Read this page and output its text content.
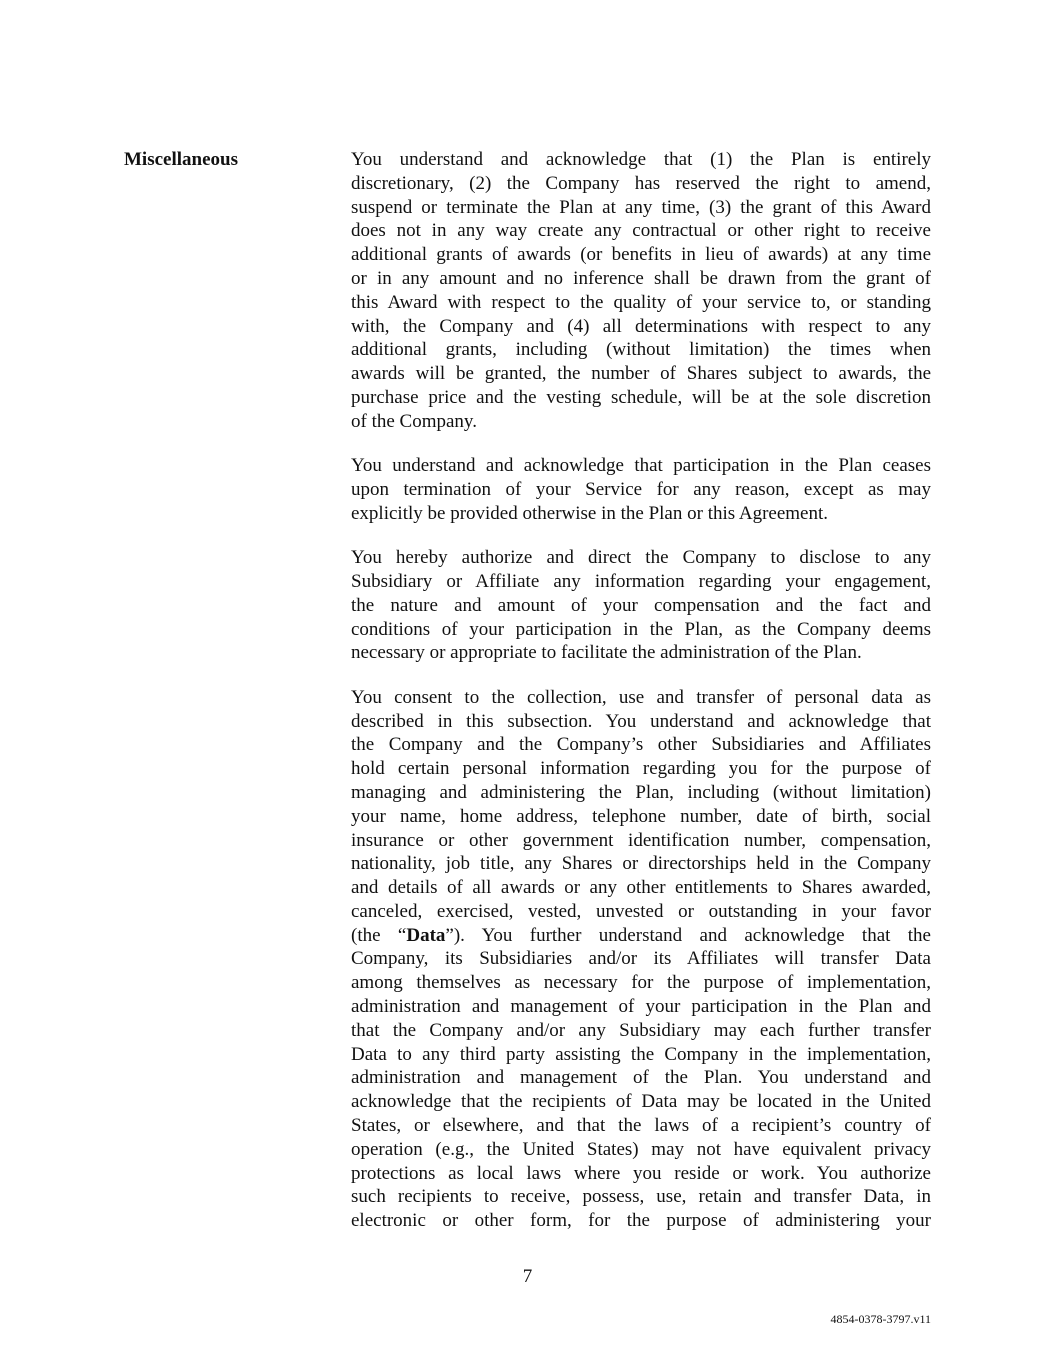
Miscellaneous	You understand and acknowledge that (1) the Plan is entirely
discretionary, (2) the Company has reserved the right to amend,
suspend or terminate the Plan at any time, (3) the grant of this Award
does not in any way create any contractual or other right to receive
additional grants of awards (or benefits in lieu of awards) at any time
or in any amount and no inference shall be drawn from the grant of
this Award with respect to the quality of your service to, or standing
with, the Company and (4) all determinations with respect to any
additional grants, including (without limitation) the times when
awards will be granted, the number of Shares subject to awards, the
purchase price and the vesting schedule, will be at the sole discretion
of the Company.
You understand and acknowledge that participation in the Plan ceases
upon termination of your Service for any reason, except as may
explicitly be provided otherwise in the Plan or this Agreement.
You hereby authorize and direct the Company to disclose to any
Subsidiary or Affiliate any information regarding your engagement,
the nature and amount of your compensation and the fact and
conditions of your participation in the Plan, as the Company deems
necessary or appropriate to facilitate the administration of the Plan.
You consent to the collection, use and transfer of personal data as
described in this subsection. You understand and acknowledge that
the Company and the Company’s other Subsidiaries and Affiliates
hold certain personal information regarding you for the purpose of
managing and administering the Plan, including (without limitation)
your name, home address, telephone number, date of birth, social
insurance or other government identification number, compensation,
nationality, job title, any Shares or directorships held in the Company
and details of all awards or any other entitlements to Shares awarded,
canceled, exercised, vested, unvested or outstanding in your favor
(the “Data”). You further understand and acknowledge that the
Company, its Subsidiaries and/or its Affiliates will transfer Data
among themselves as necessary for the purpose of implementation,
administration and management of your participation in the Plan and
that the Company and/or any Subsidiary may each further transfer
Data to any third party assisting the Company in the implementation,
administration and management of the Plan. You understand and
acknowledge that the recipients of Data may be located in the United
States, or elsewhere, and that the laws of a recipient’s country of
operation (e.g., the United States) may not have equivalent privacy
protections as local laws where you reside or work. You authorize
such recipients to receive, possess, use, retain and transfer Data, in
electronic or other form, for the purpose of administering your
7
4854-0378-3797.v11
